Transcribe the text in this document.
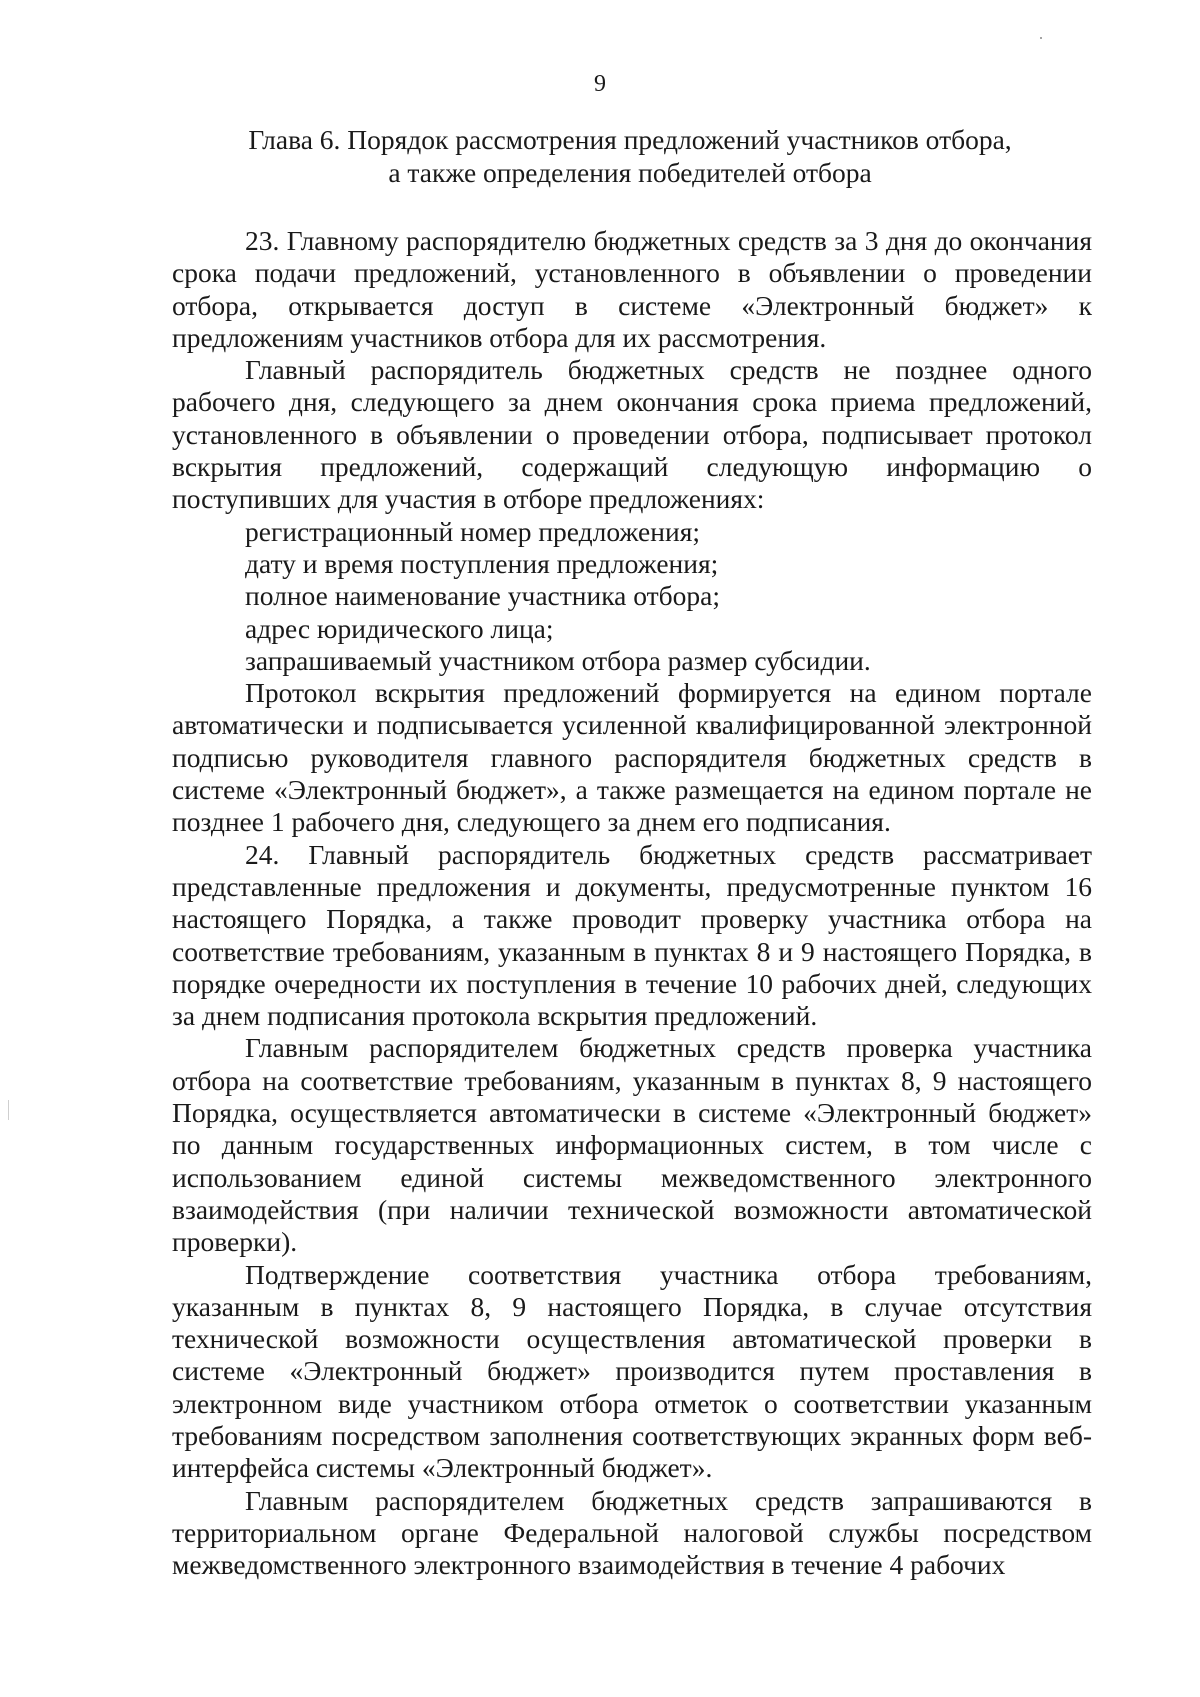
9
Глава 6. Порядок рассмотрения предложений участников отбора,
а также определения победителей отбора

23. Главному распорядителю бюджетных средств за 3 дня до окончания срока подачи предложений, установленного в объявлении о проведении отбора, открывается доступ в системе «Электронный бюджет» к предложениям участников отбора для их рассмотрения.

Главный распорядитель бюджетных средств не позднее одного рабочего дня, следующего за днем окончания срока приема предложений, установленного в объявлении о проведении отбора, подписывает протокол вскрытия предложений, содержащий следующую информацию о поступивших для участия в отборе предложениях:

регистрационный номер предложения;

дату и время поступления предложения;

полное наименование участника отбора;

адрес юридического лица;

запрашиваемый участником отбора размер субсидии.

Протокол вскрытия предложений формируется на едином портале автоматически и подписывается усиленной квалифицированной электронной подписью руководителя главного распорядителя бюджетных средств в системе «Электронный бюджет», а также размещается на едином портале не позднее 1 рабочего дня, следующего за днем его подписания.

24. Главный распорядитель бюджетных средств рассматривает представленные предложения и документы, предусмотренные пунктом 16 настоящего Порядка, а также проводит проверку участника отбора на соответствие требованиям, указанным в пунктах 8 и 9 настоящего Порядка, в порядке очередности их поступления в течение 10 рабочих дней, следующих за днем подписания протокола вскрытия предложений.

Главным распорядителем бюджетных средств проверка участника отбора на соответствие требованиям, указанным в пунктах 8, 9 настоящего Порядка, осуществляется автоматически в системе «Электронный бюджет» по данным государственных информационных систем, в том числе с использованием единой системы межведомственного электронного взаимодействия (при наличии технической возможности автоматической проверки).

Подтверждение соответствия участника отбора требованиям, указанным в пунктах 8, 9 настоящего Порядка, в случае отсутствия технической возможности осуществления автоматической проверки в системе «Электронный бюджет» производится путем проставления в электронном виде участником отбора отметок о соответствии указанным требованиям посредством заполнения соответствующих экранных форм веб-интерфейса системы «Электронный бюджет».

Главным распорядителем бюджетных средств запрашиваются в территориальном органе Федеральной налоговой службы посредством межведомственного электронного взаимодействия в течение 4 рабочих
